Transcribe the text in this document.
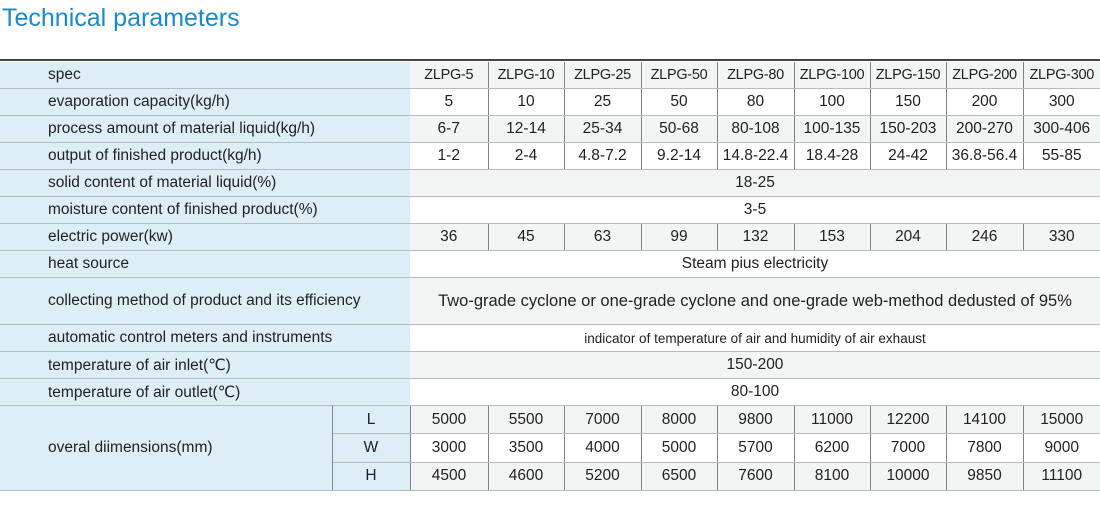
Technical parameters
spec		ZLPG-5	ZLPG-10	ZLPG-25	ZLPG-50	ZLPG-80	ZLPG-100	ZLPG-150	ZLPG-200	ZLPG-300
evaporation capacity(kg/h)		5	10	25	50	80	100	150	200	300
process amount of material liquid(kg/h)		6-7	12-14	25-34	50-68	80-108	100-135	150-203	200-270	300-406
output of finished product(kg/h)		1-2	2-4	4.8-7.2	9.2-14	14.8-22.4	18.4-28	24-42	36.8-56.4	55-85
solid content of material liquid(%)		18-25								
moisture content of finished product(%)		3-5								
electric power(kw)		36	45	63	99	132	153	204	246	330
heat source		Steam pius electricity								
collecting method of product and its efficiency		Two-grade cyclone or one-grade cyclone and one-grade web-method dedusted of 95%								
automatic control meters and instruments		indicator of temperature of air and humidity of air exhaust								
temperature of air inlet(℃)		150-200								
temperature of air outlet(℃)		80-100								
overal diimensions(mm)	L	5000	5500	7000	8000	9800	11000	12200	14100	15000
	W	3000	3500	4000	5000	5700	6200	7000	7800	9000
	H	4500	4600	5200	6500	7600	8100	10000	9850	11100
